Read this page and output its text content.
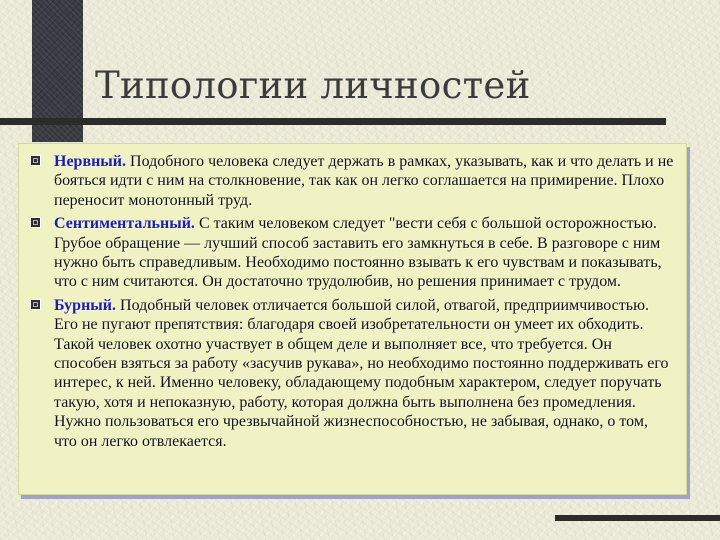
Типологии личностей

Нервный. Подобного человека следует держать в рамках, указывать, как и что делать и не бояться идти с ним на столкновение, так как он легко соглашается на примирение. Плохо переносит монотонный труд.

Сентиментальный. С таким человеком следует "вести себя с большой осторожностью. Грубое обращение — лучший способ заставить его замкнуться в себе. В разговоре с ним нужно быть справедливым. Необходимо постоянно взывать к его чувствам и показывать, что с ним считаются. Он достаточно трудолюбив, но решения принимает с трудом.

Бурный. Подобный человек отличается большой силой, отвагой, предприимчивостью. Его не пугают препятствия: благодаря своей изобретательности он умеет их обходить. Такой человек охотно участвует в общем деле и выполняет все, что требуется. Он способен взяться за работу «засучив рукава», но необходимо постоянно поддерживать его интерес, к ней. Именно человеку, обладающему подобным характером, следует поручать такую, хотя и непоказную, работу, которая должна быть выполнена без промедления. Нужно пользоваться его чрезвычайной жизнеспособностью, не забывая, однако, о том, что он легко отвлекается.
